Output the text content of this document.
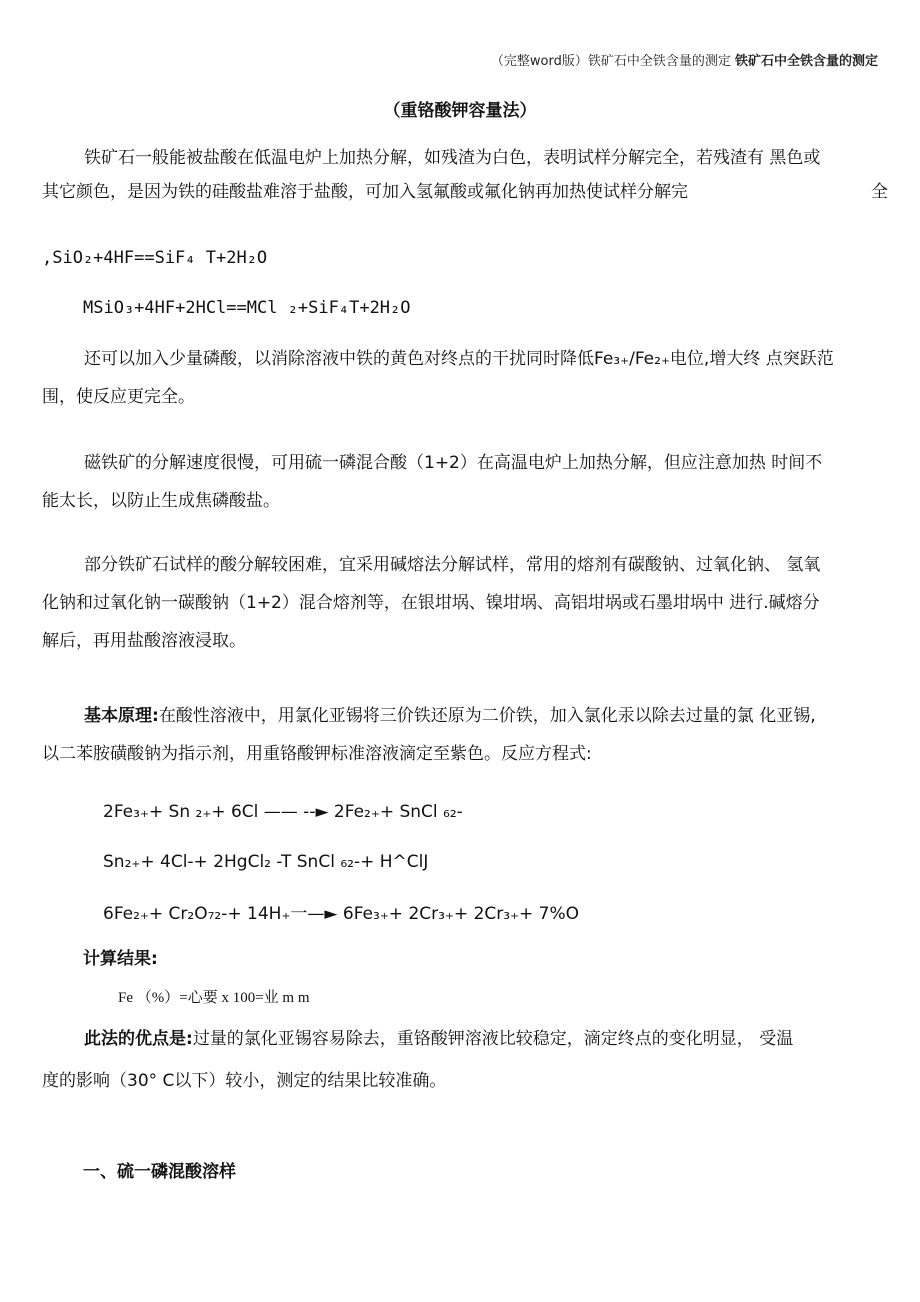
（完整word版）铁矿石中全铁含量的测定 铁矿石中全铁含量的测定
（重铬酸钾容量法）
铁矿石一般能被盐酸在低温电炉上加热分解，如残渣为白色，表明试样分解完全，若残渣有 黑色或
其它颜色，是因为铁的硅酸盐难溶于盐酸，可加入氢氟酸或氟化钠再加热使试样分解完	全
,SiO₂+4HF==SiF₄ T+2H₂O
MSiO₃+4HF+2HCl==MCl ₂+SiF₄T+2H₂O
还可以加入少量磷酸，以消除溶液中铁的黄色对终点的干扰同时降低Fe₃₊/Fe₂₊电位,增大终 点突跃范
围，使反应更完全。
磁铁矿的分解速度很慢，可用硫一磷混合酸（1+2）在高温电炉上加热分解，但应注意加热 时间不
能太长，以防止生成焦磷酸盐。
部分铁矿石试样的酸分解较困难，宜采用碱熔法分解试样，常用的熔剂有碳酸钠、过氧化钠、 氢氧
化钠和过氧化钠一碳酸钠（1+2）混合熔剂等，在银坩埚、镍坩埚、高铝坩埚或石墨坩埚中 进行.碱熔分
解后，再用盐酸溶液浸取。
基本原理:在酸性溶液中，用氯化亚锡将三价铁还原为二价铁，加入氯化汞以除去过量的氯 化亚锡,
以二苯胺磺酸钠为指示剂，用重铬酸钾标准溶液滴定至紫色。反应方程式:
2Fe₃₊+ Sn ₂₊+ 6Cl —— --► 2Fe₂₊+ SnCl ₆₂-
Sn₂₊+ 4Cl-+ 2HgCl₂ -T SnCl ₆₂-+ H^ClJ
6Fe₂₊+ Cr₂O₇₂-+ 14H₊一—► 6Fe₃₊+ 2Cr₃₊+ 2Cr₃₊+ 7%O
计算结果:
Fe （%）=心要 x 100=业 m m
此法的优点是:过量的氯化亚锡容易除去，重铬酸钾溶液比较稳定，滴定终点的变化明显， 受温
度的影响（30° C以下）较小，测定的结果比较准确。
一、硫一磷混酸溶样
